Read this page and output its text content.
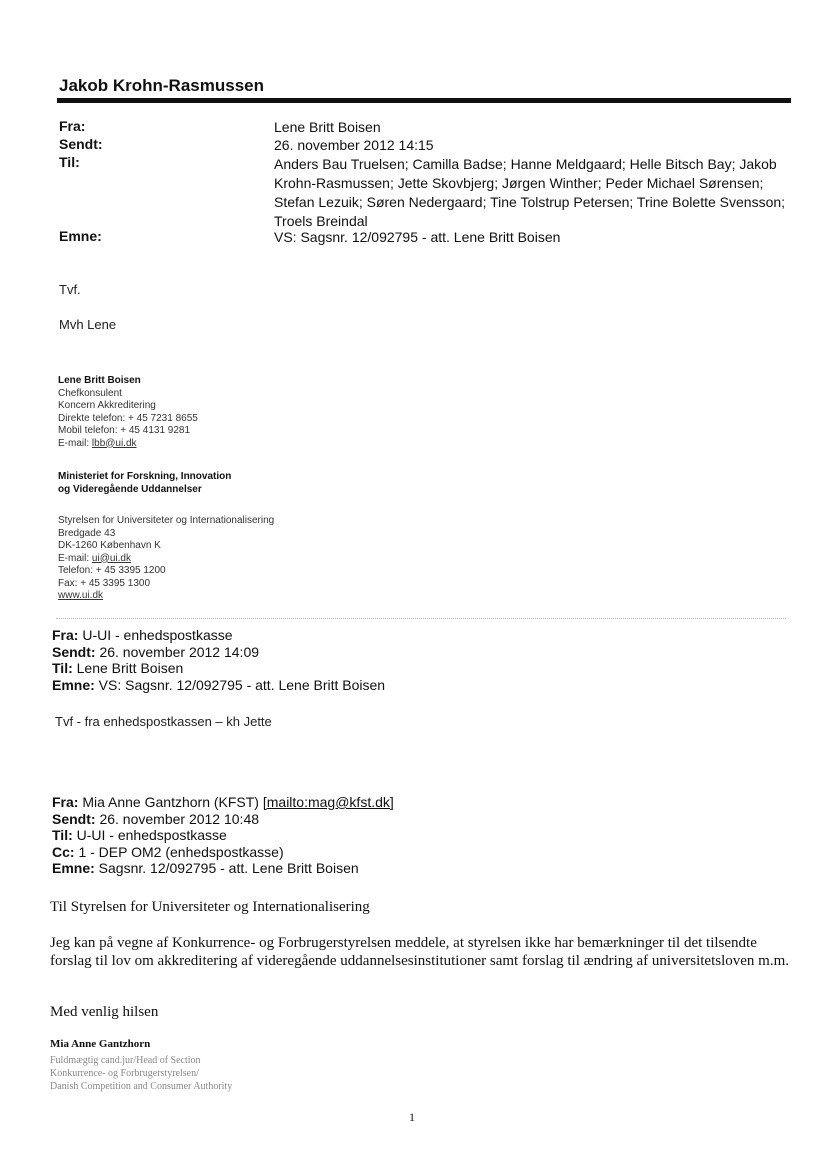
Jakob Krohn-Rasmussen
Fra:
Sendt:
Til:
Emne:
Lene Britt Boisen
26. november 2012 14:15
Anders Bau Truelsen; Camilla Badse; Hanne Meldgaard; Helle Bitsch Bay; Jakob Krohn-Rasmussen; Jette Skovbjerg; Jørgen Winther; Peder Michael Sørensen; Stefan Lezuik; Søren Nedergaard; Tine Tolstrup Petersen; Trine Bolette Svensson; Troels Breindal
VS: Sagsnr. 12/092795 - att. Lene Britt Boisen
Tvf.
Mvh Lene
Lene Britt Boisen
Chefkonsulent
Koncern Akkreditering
Direkte telefon: + 45 7231 8655
Mobil telefon: + 45 4131 9281
E-mail: lbb@ui.dk
Ministeriet for Forskning, Innovation
og Videregående Uddannelser
Styrelsen for Universiteter og Internationalisering
Bredgade 43
DK-1260 København K
E-mail: ui@ui.dk
Telefon: + 45 3395 1200
Fax: + 45 3395 1300
www.ui.dk
Fra: U-UI - enhedspostkasse
Sendt: 26. november 2012 14:09
Til: Lene Britt Boisen
Emne: VS: Sagsnr. 12/092795 - att. Lene Britt Boisen
Tvf - fra enhedspostkassen – kh Jette
Fra: Mia Anne Gantzhorn (KFST) [mailto:mag@kfst.dk]
Sendt: 26. november 2012 10:48
Til: U-UI - enhedspostkasse
Cc: 1 - DEP OM2 (enhedspostkasse)
Emne: Sagsnr. 12/092795 - att. Lene Britt Boisen
Til Styrelsen for Universiteter og Internationalisering
Jeg kan på vegne af Konkurrence- og Forbrugerstyrelsen meddele, at styrelsen ikke har bemærkninger til det tilsendte forslag til lov om akkreditering af videregående uddannelsesinstitutioner samt forslag til ændring af universitetsloven m.m.
Med venlig hilsen
Mia Anne Gantzhorn
Fuldmægtig cand.jur/Head of Section
Konkurrence- og Forbrugerstyrelsen/
Danish Competition and Consumer Authority
1
